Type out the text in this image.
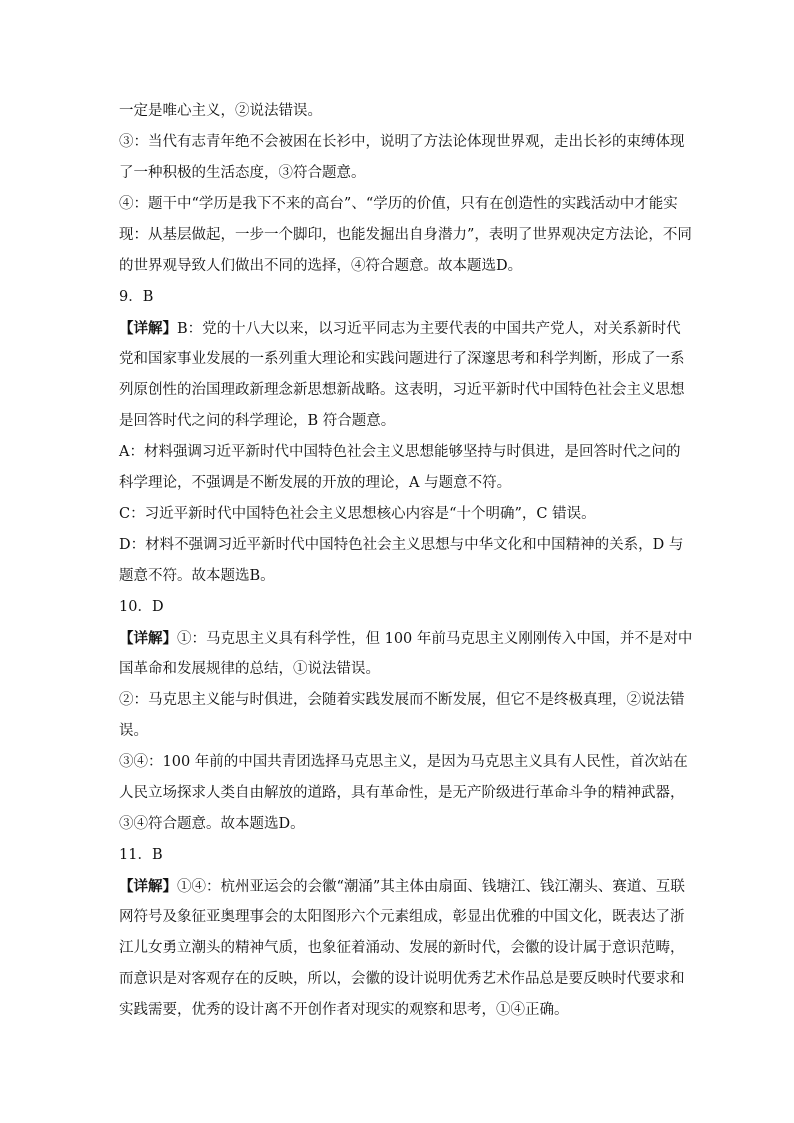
一定是唯心主义，②说法错误。
③：当代有志青年绝不会被困在长衫中，说明了方法论体现世界观，走出长衫的束缚体现
了一种积极的生活态度，③符合题意。
④：题干中“学历是我下不来的高台”、“学历的价值，只有在创造性的实践活动中才能实
现：从基层做起，一步一个脚印，也能发掘出自身潜力”，表明了世界观决定方法论，不同
的世界观导致人们做出不同的选择，④符合题意。故本题选D。
9．B
【详解】B：党的十八大以来，以习近平同志为主要代表的中国共产党人，对关系新时代
党和国家事业发展的一系列重大理论和实践问题进行了深邃思考和科学判断，形成了一系
列原创性的治国理政新理念新思想新战略。这表明，习近平新时代中国特色社会主义思想
是回答时代之问的科学理论，B 符合题意。
A：材料强调习近平新时代中国特色社会主义思想能够坚持与时俱进，是回答时代之问的
科学理论，不强调是不断发展的开放的理论，A 与题意不符。
C：习近平新时代中国特色社会主义思想核心内容是“十个明确”，C 错误。
D：材料不强调习近平新时代中国特色社会主义思想与中华文化和中国精神的关系，D 与
题意不符。故本题选B。
10．D
【详解】①：马克思主义具有科学性，但 100 年前马克思主义刚刚传入中国，并不是对中
国革命和发展规律的总结，①说法错误。
②：马克思主义能与时俱进，会随着实践发展而不断发展，但它不是终极真理，②说法错
误。
③④：100 年前的中国共青团选择马克思主义，是因为马克思主义具有人民性，首次站在
人民立场探求人类自由解放的道路，具有革命性，是无产阶级进行革命斗争的精神武器，
③④符合题意。故本题选D。
11．B
【详解】①④：杭州亚运会的会徽“潮涌”其主体由扇面、钱塘江、钱江潮头、赛道、互联
网符号及象征亚奥理事会的太阳图形六个元素组成，彰显出优雅的中国文化，既表达了浙
江儿女勇立潮头的精神气质，也象征着涌动、发展的新时代，会徽的设计属于意识范畴，
而意识是对客观存在的反映，所以，会徽的设计说明优秀艺术作品总是要反映时代要求和
实践需要，优秀的设计离不开创作者对现实的观察和思考，①④正确。
